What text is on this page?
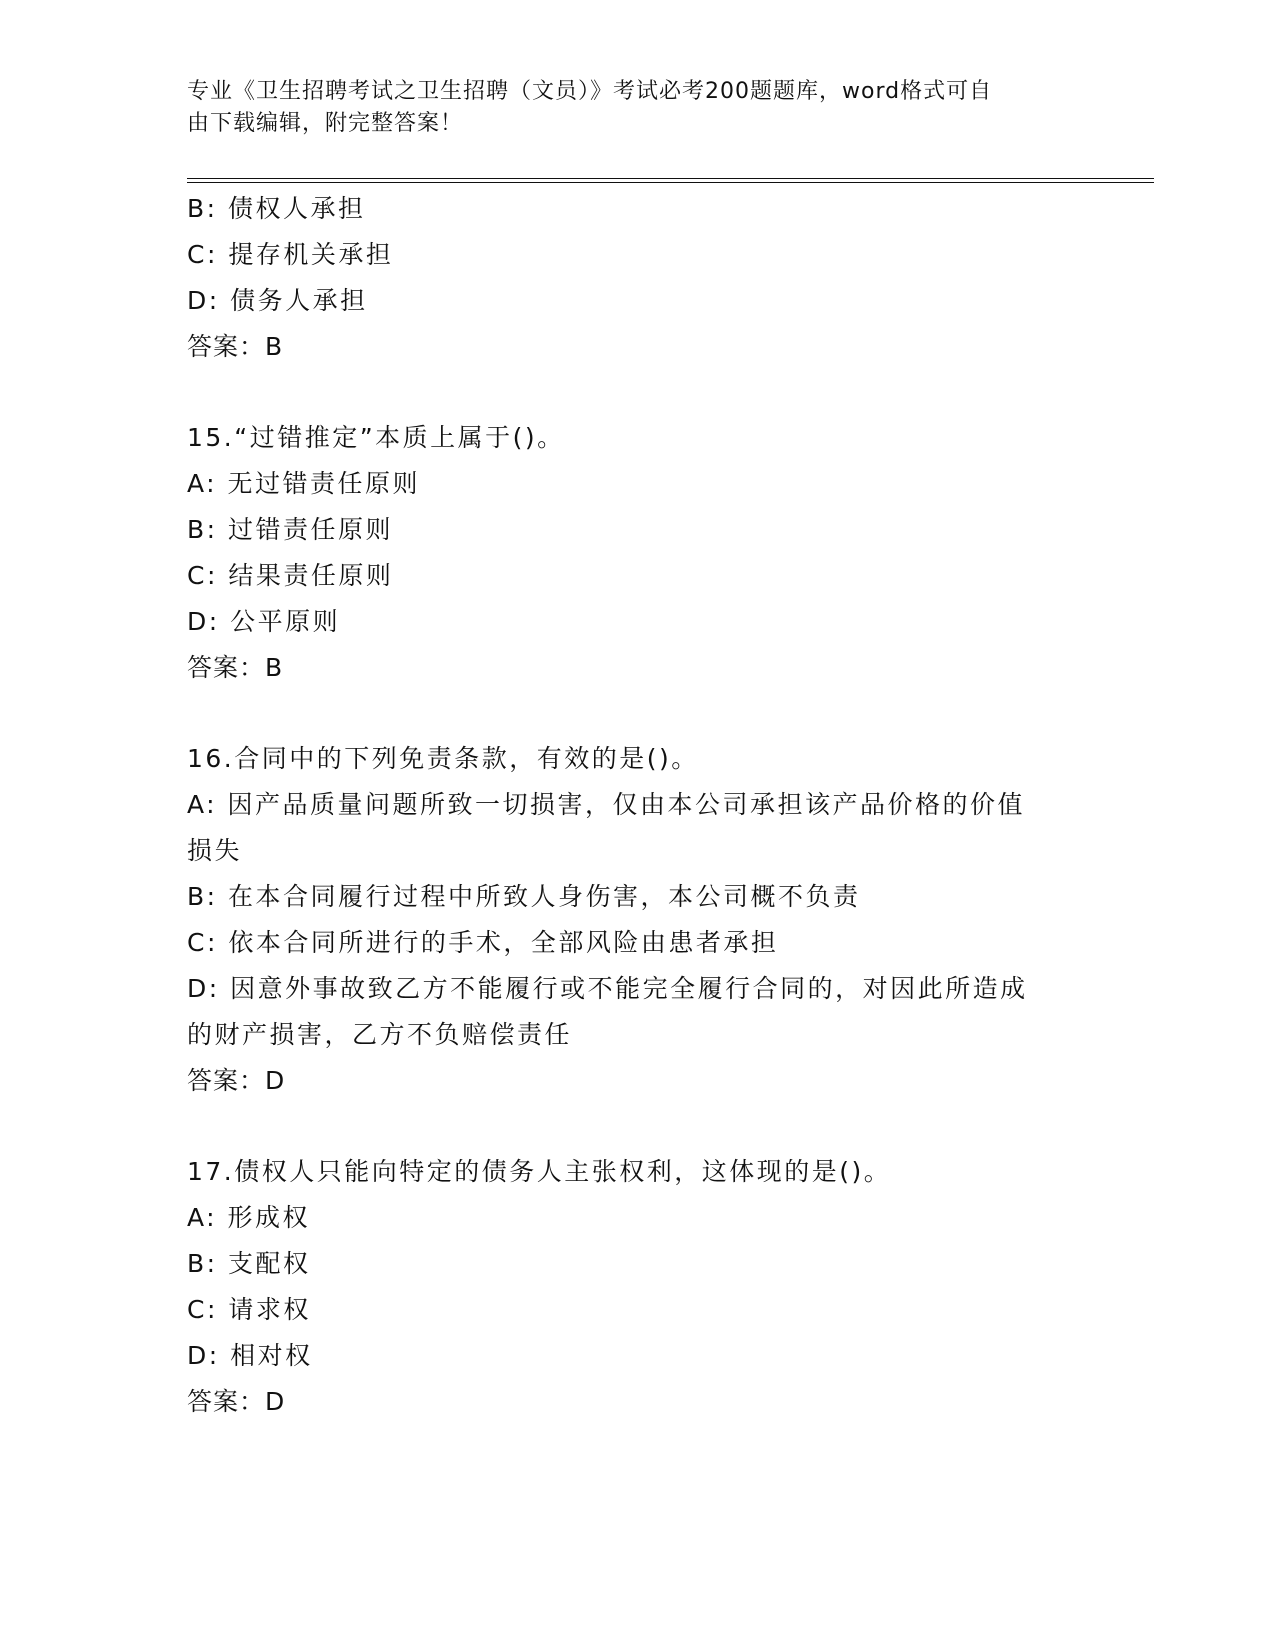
专业《卫生招聘考试之卫生招聘（文员）》考试必考200题题库，word格式可自
由下载编辑，附完整答案！
B: 债权人承担
C: 提存机关承担
D: 债务人承担
答案：B
15.“过错推定”本质上属于()。
A: 无过错责任原则
B: 过错责任原则
C: 结果责任原则
D: 公平原则
答案：B
16.合同中的下列免责条款，有效的是()。
A: 因产品质量问题所致一切损害，仅由本公司承担该产品价格的价值
损失
B: 在本合同履行过程中所致人身伤害，本公司概不负责
C: 依本合同所进行的手术，全部风险由患者承担
D: 因意外事故致乙方不能履行或不能完全履行合同的，对因此所造成
的财产损害，乙方不负赔偿责任
答案：D
17.债权人只能向特定的债务人主张权利，这体现的是()。
A: 形成权
B: 支配权
C: 请求权
D: 相对权
答案：D
